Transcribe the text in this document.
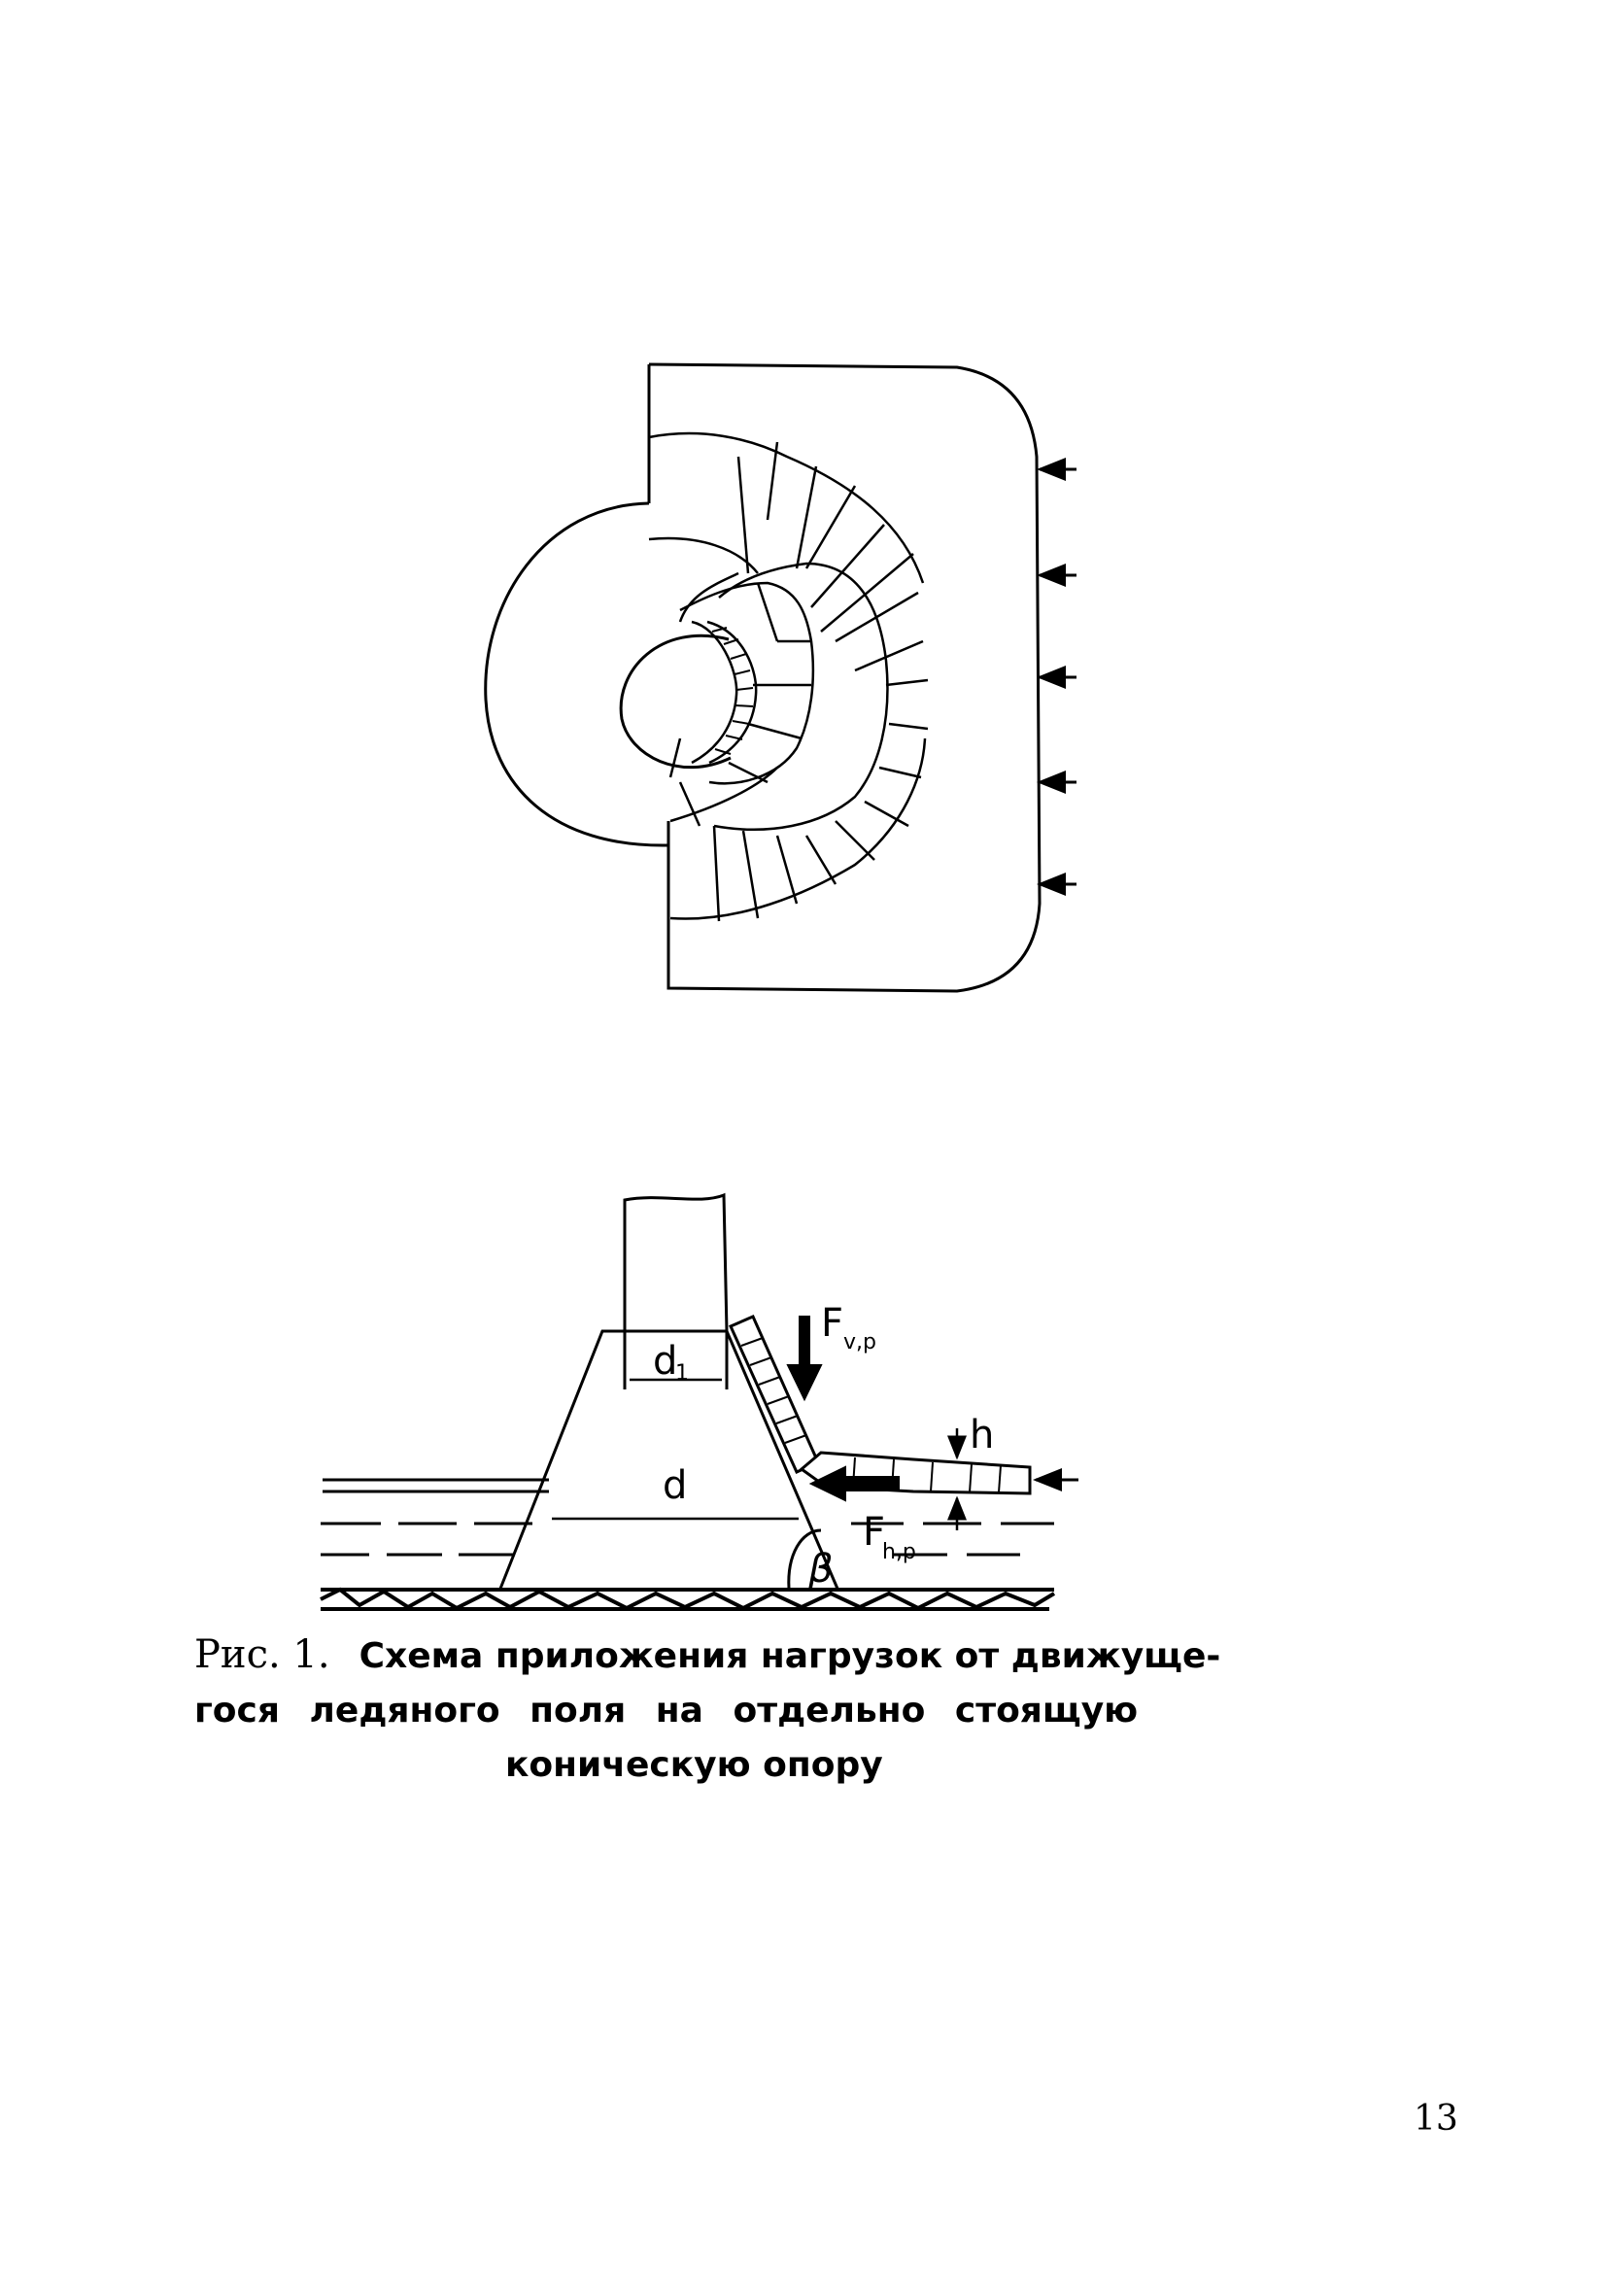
d
1
d
h
F v,p
F
h,p
β
Рис. 1. Схема приложения нагрузок от движуще-
гося ледяного поля на отдельно стоящую
коническую опору
13
